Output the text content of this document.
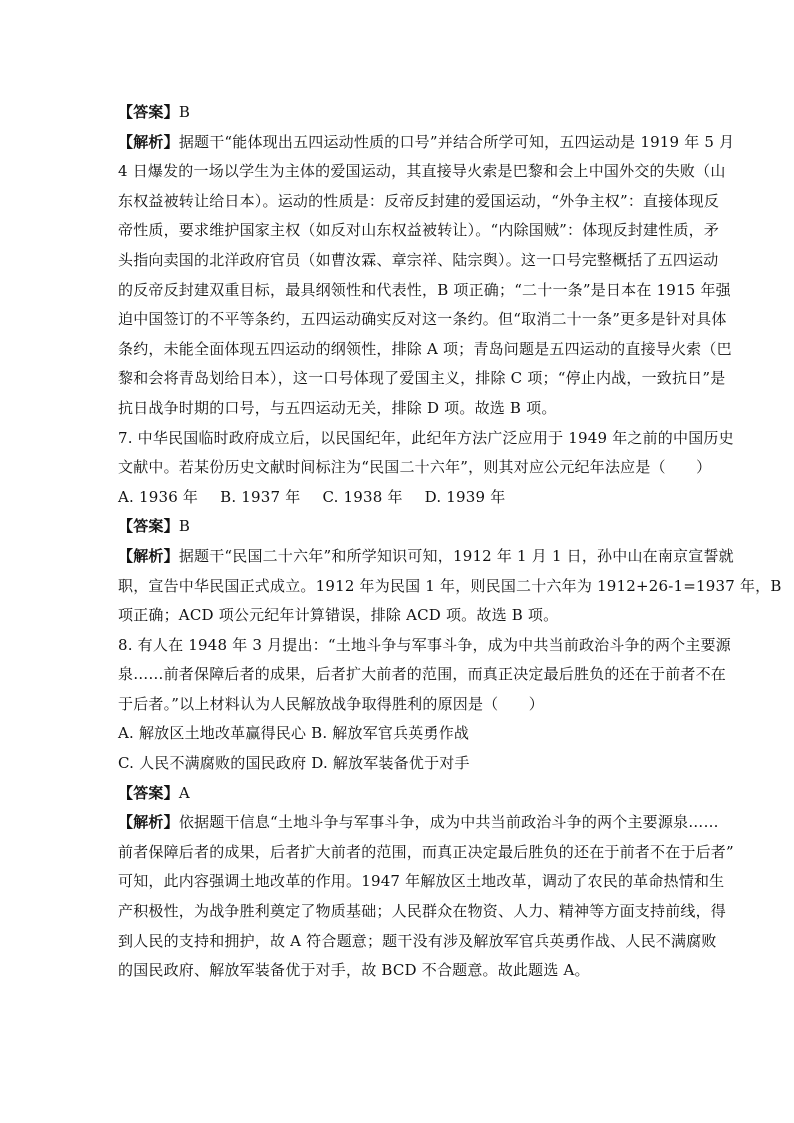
【答案】B
【解析】据题干“能体现出五四运动性质的口号”并结合所学可知，五四运动是 1919 年 5 月
4 日爆发的一场以学生为主体的爱国运动，其直接导火索是巴黎和会上中国外交的失败（山
东权益被转让给日本）。运动的性质是：反帝反封建的爱国运动，“外争主权”：直接体现反
帝性质，要求维护国家主权（如反对山东权益被转让）。“内除国贼”：体现反封建性质，矛
头指向卖国的北洋政府官员（如曹汝霖、章宗祥、陆宗舆）。这一口号完整概括了五四运动
的反帝反封建双重目标，最具纲领性和代表性，B 项正确；“二十一条”是日本在 1915 年强
迫中国签订的不平等条约，五四运动确实反对这一条约。但“取消二十一条”更多是针对具体
条约，未能全面体现五四运动的纲领性，排除 A 项；青岛问题是五四运动的直接导火索（巴
黎和会将青岛划给日本），这一口号体现了爱国主义，排除 C 项；“停止内战，一致抗日”是
抗日战争时期的口号，与五四运动无关，排除 D 项。故选 B 项。
7. 中华民国临时政府成立后，以民国纪年，此纪年方法广泛应用于 1949 年之前的中国历史
文献中。若某份历史文献时间标注为“民国二十六年”，则其对应公元纪年法应是（　　）
A. 1936 年 B. 1937 年 C. 1938 年 D. 1939 年
【答案】B
【解析】据题干“民国二十六年”和所学知识可知，1912 年 1 月 1 日，孙中山在南京宣誓就
职，宣告中华民国正式成立。1912 年为民国 1 年，则民国二十六年为 1912+26-1=1937 年，B
项正确；ACD 项公元纪年计算错误，排除 ACD 项。故选 B 项。
8. 有人在 1948 年 3 月提出：“土地斗争与军事斗争，成为中共当前政治斗争的两个主要源
泉……前者保障后者的成果，后者扩大前者的范围，而真正决定最后胜负的还在于前者不在
于后者。”以上材料认为人民解放战争取得胜利的原因是（　　）
A. 解放区土地改革赢得民心 B. 解放军官兵英勇作战
C. 人民不满腐败的国民政府 D. 解放军装备优于对手
【答案】A
【解析】依据题干信息“土地斗争与军事斗争，成为中共当前政治斗争的两个主要源泉……
前者保障后者的成果，后者扩大前者的范围，而真正决定最后胜负的还在于前者不在于后者”
可知，此内容强调土地改革的作用。1947 年解放区土地改革，调动了农民的革命热情和生
产积极性，为战争胜利奠定了物质基础；人民群众在物资、人力、精神等方面支持前线，得
到人民的支持和拥护，故 A 符合题意；题干没有涉及解放军官兵英勇作战、人民不满腐败
的国民政府、解放军装备优于对手，故 BCD 不合题意。故此题选 A。
